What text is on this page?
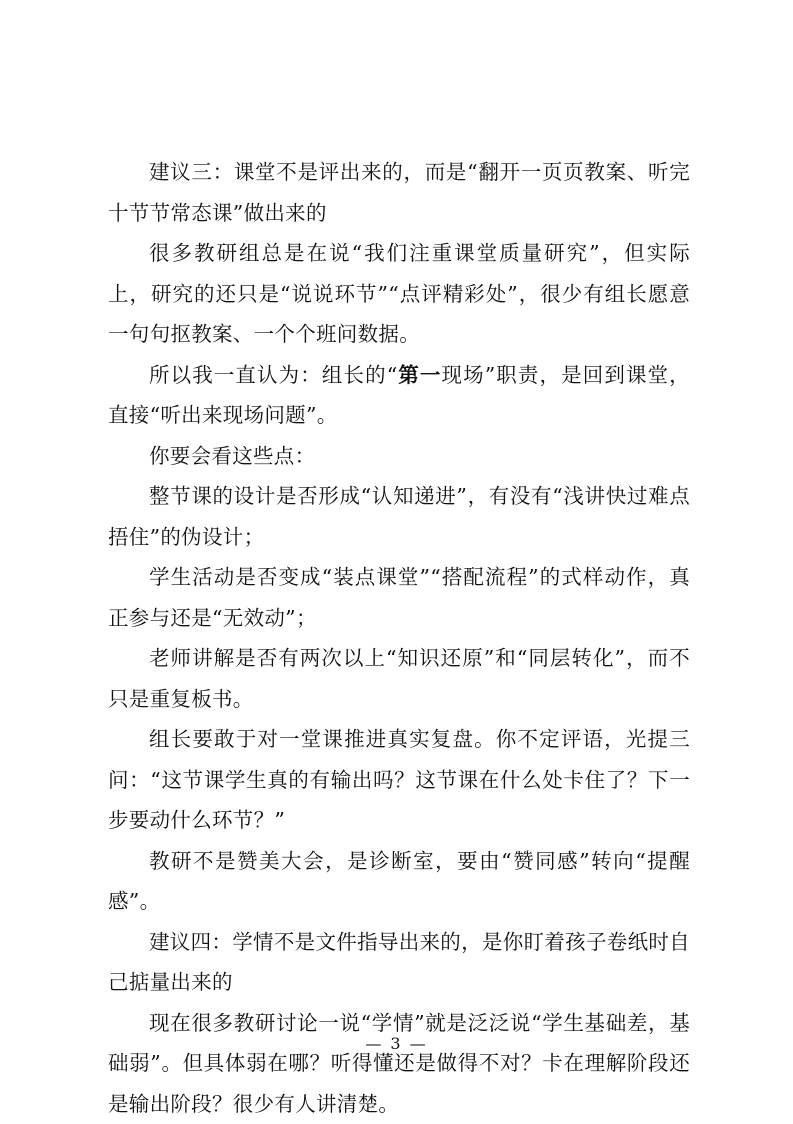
建议三：课堂不是评出来的，而是“翻开一页页教案、听完十节节常态课”做出来的

很多教研组总是在说“我们注重课堂质量研究”，但实际上，研究的还只是“说说环节”“点评精彩处”，很少有组长愿意一句句抠教案、一个个班问数据。

所以我一直认为：组长的“第一现场”职责，是回到课堂，直接“听出来现场问题”。

你要会看这些点：

整节课的设计是否形成“认知递进”，有没有“浅讲快过难点捂住”的伪设计；

学生活动是否变成“装点课堂”“搭配流程”的式样动作，真正参与还是“无效动”；

老师讲解是否有两次以上“知识还原”和“同层转化”，而不只是重复板书。

组长要敢于对一堂课推进真实复盘。你不定评语，光提三问：“这节课学生真的有输出吗？这节课在什么处卡住了？下一步要动什么环节？”

教研不是赞美大会，是诊断室，要由“赞同感”转向“提醒感”。

建议四：学情不是文件指导出来的，是你盯着孩子卷纸时自己掂量出来的

现在很多教研讨论一说“学情”就是泛泛说“学生基础差，基础弱”。但具体弱在哪？听得懂还是做得不对？卡在理解阶段还是输出阶段？很少有人讲清楚。

— 3 —
